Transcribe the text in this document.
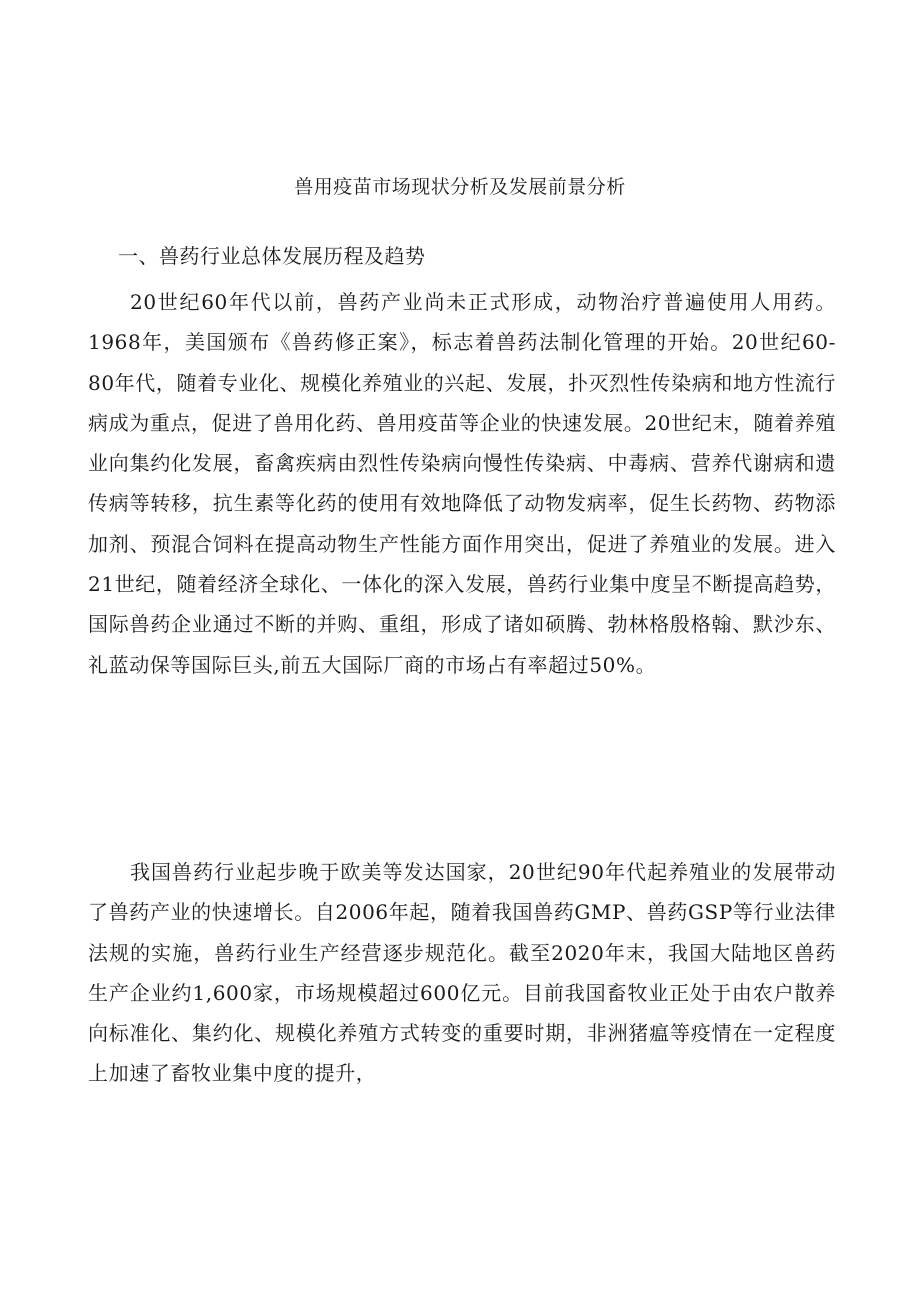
兽用疫苗市场现状分析及发展前景分析
一、兽药行业总体发展历程及趋势

20世纪60年代以前，兽药产业尚未正式形成，动物治疗普遍使用人用药。1968年，美国颁布《兽药修正案》，标志着兽药法制化管理的开始。20世纪60-80年代，随着专业化、规模化养殖业的兴起、发展，扑灭烈性传染病和地方性流行病成为重点，促进了兽用化药、兽用疫苗等企业的快速发展。20世纪末，随着养殖业向集约化发展，畜禽疾病由烈性传染病向慢性传染病、中毒病、营养代谢病和遗传病等转移，抗生素等化药的使用有效地降低了动物发病率，促生长药物、药物添加剂、预混合饲料在提高动物生产性能方面作用突出，促进了养殖业的发展。进入21世纪，随着经济全球化、一体化的深入发展，兽药行业集中度呈不断提高趋势，国际兽药企业通过不断的并购、重组，形成了诸如硕腾、勃林格殷格翰、默沙东、礼蓝动保等国际巨头,前五大国际厂商的市场占有率超过50%。

我国兽药行业起步晚于欧美等发达国家，20世纪90年代起养殖业的发展带动了兽药产业的快速增长。自2006年起，随着我国兽药GMP、兽药GSP等行业法律法规的实施，兽药行业生产经营逐步规范化。截至2020年末，我国大陆地区兽药生产企业约1,600家，市场规模超过600亿元。目前我国畜牧业正处于由农户散养向标准化、集约化、规模化养殖方式转变的重要时期，非洲猪瘟等疫情在一定程度上加速了畜牧业集中度的提升，
